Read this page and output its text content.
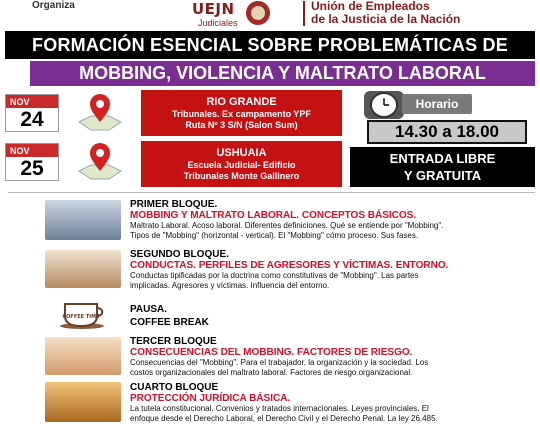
Organiza	UEJN
Judiciales
Unión de Empleados
de la Justicia de la Nación
FORMACIÓN ESENCIAL SOBRE PROBLEMÁTICAS DE
MOBBING, VIOLENCIA Y MALTRATO LABORAL
NOV
24
RIO GRANDE
Tribunales. Ex campamento YPF
Ruta Nº 3 S/N (Salon Sum)
NOV
25
USHUAIA
Escuela Judicial- Edificio
Tribunales Monte Gallinero
Horario
14.30 a 18.00
ENTRADA LIBRE
Y GRATUITA
COFFEE TIME
PRIMER BLOQUE.
MOBBING Y MALTRATO LABORAL. CONCEPTOS BÁSICOS.
Maltrato Laboral. Acoso laboral. Diferentes definiciones. Qué se entiende por "Mobbing".
Tipos de "Mobbing" (horizontal - vertical). El "Mobbing" cómo proceso. Sus fases.
SEGUNDO BLOQUE.
CONDUCTAS. PERFILES DE AGRESORES Y VÍCTIMAS. ENTORNO.
Conductas tipificadas por la doctrina como constitutivas de "Mobbing". Las partes
implicadas. Agresores y víctimas. Influencia del entorno.
PAUSA.
COFFEE BREAK
TERCER BLOQUE
CONSECUENCIAS DEL MOBBING. FACTORES DE RIESGO.
Consecuencias del "Mobbing". Para el trabajador, la organización y la sociedad. Los
costos organizacionales del maltrato laboral. Factores de riesgo organizacional.
CUARTO BLOQUE
PROTECCIÓN JURÍDICA BÁSICA.
La tutela constitucional. Convenios y tratados internacionales. Leyes provinciales. El
enfoque desde el Derecho Laboral, el Derecho Civil y el Derecho Penal. La ley 26.485.
